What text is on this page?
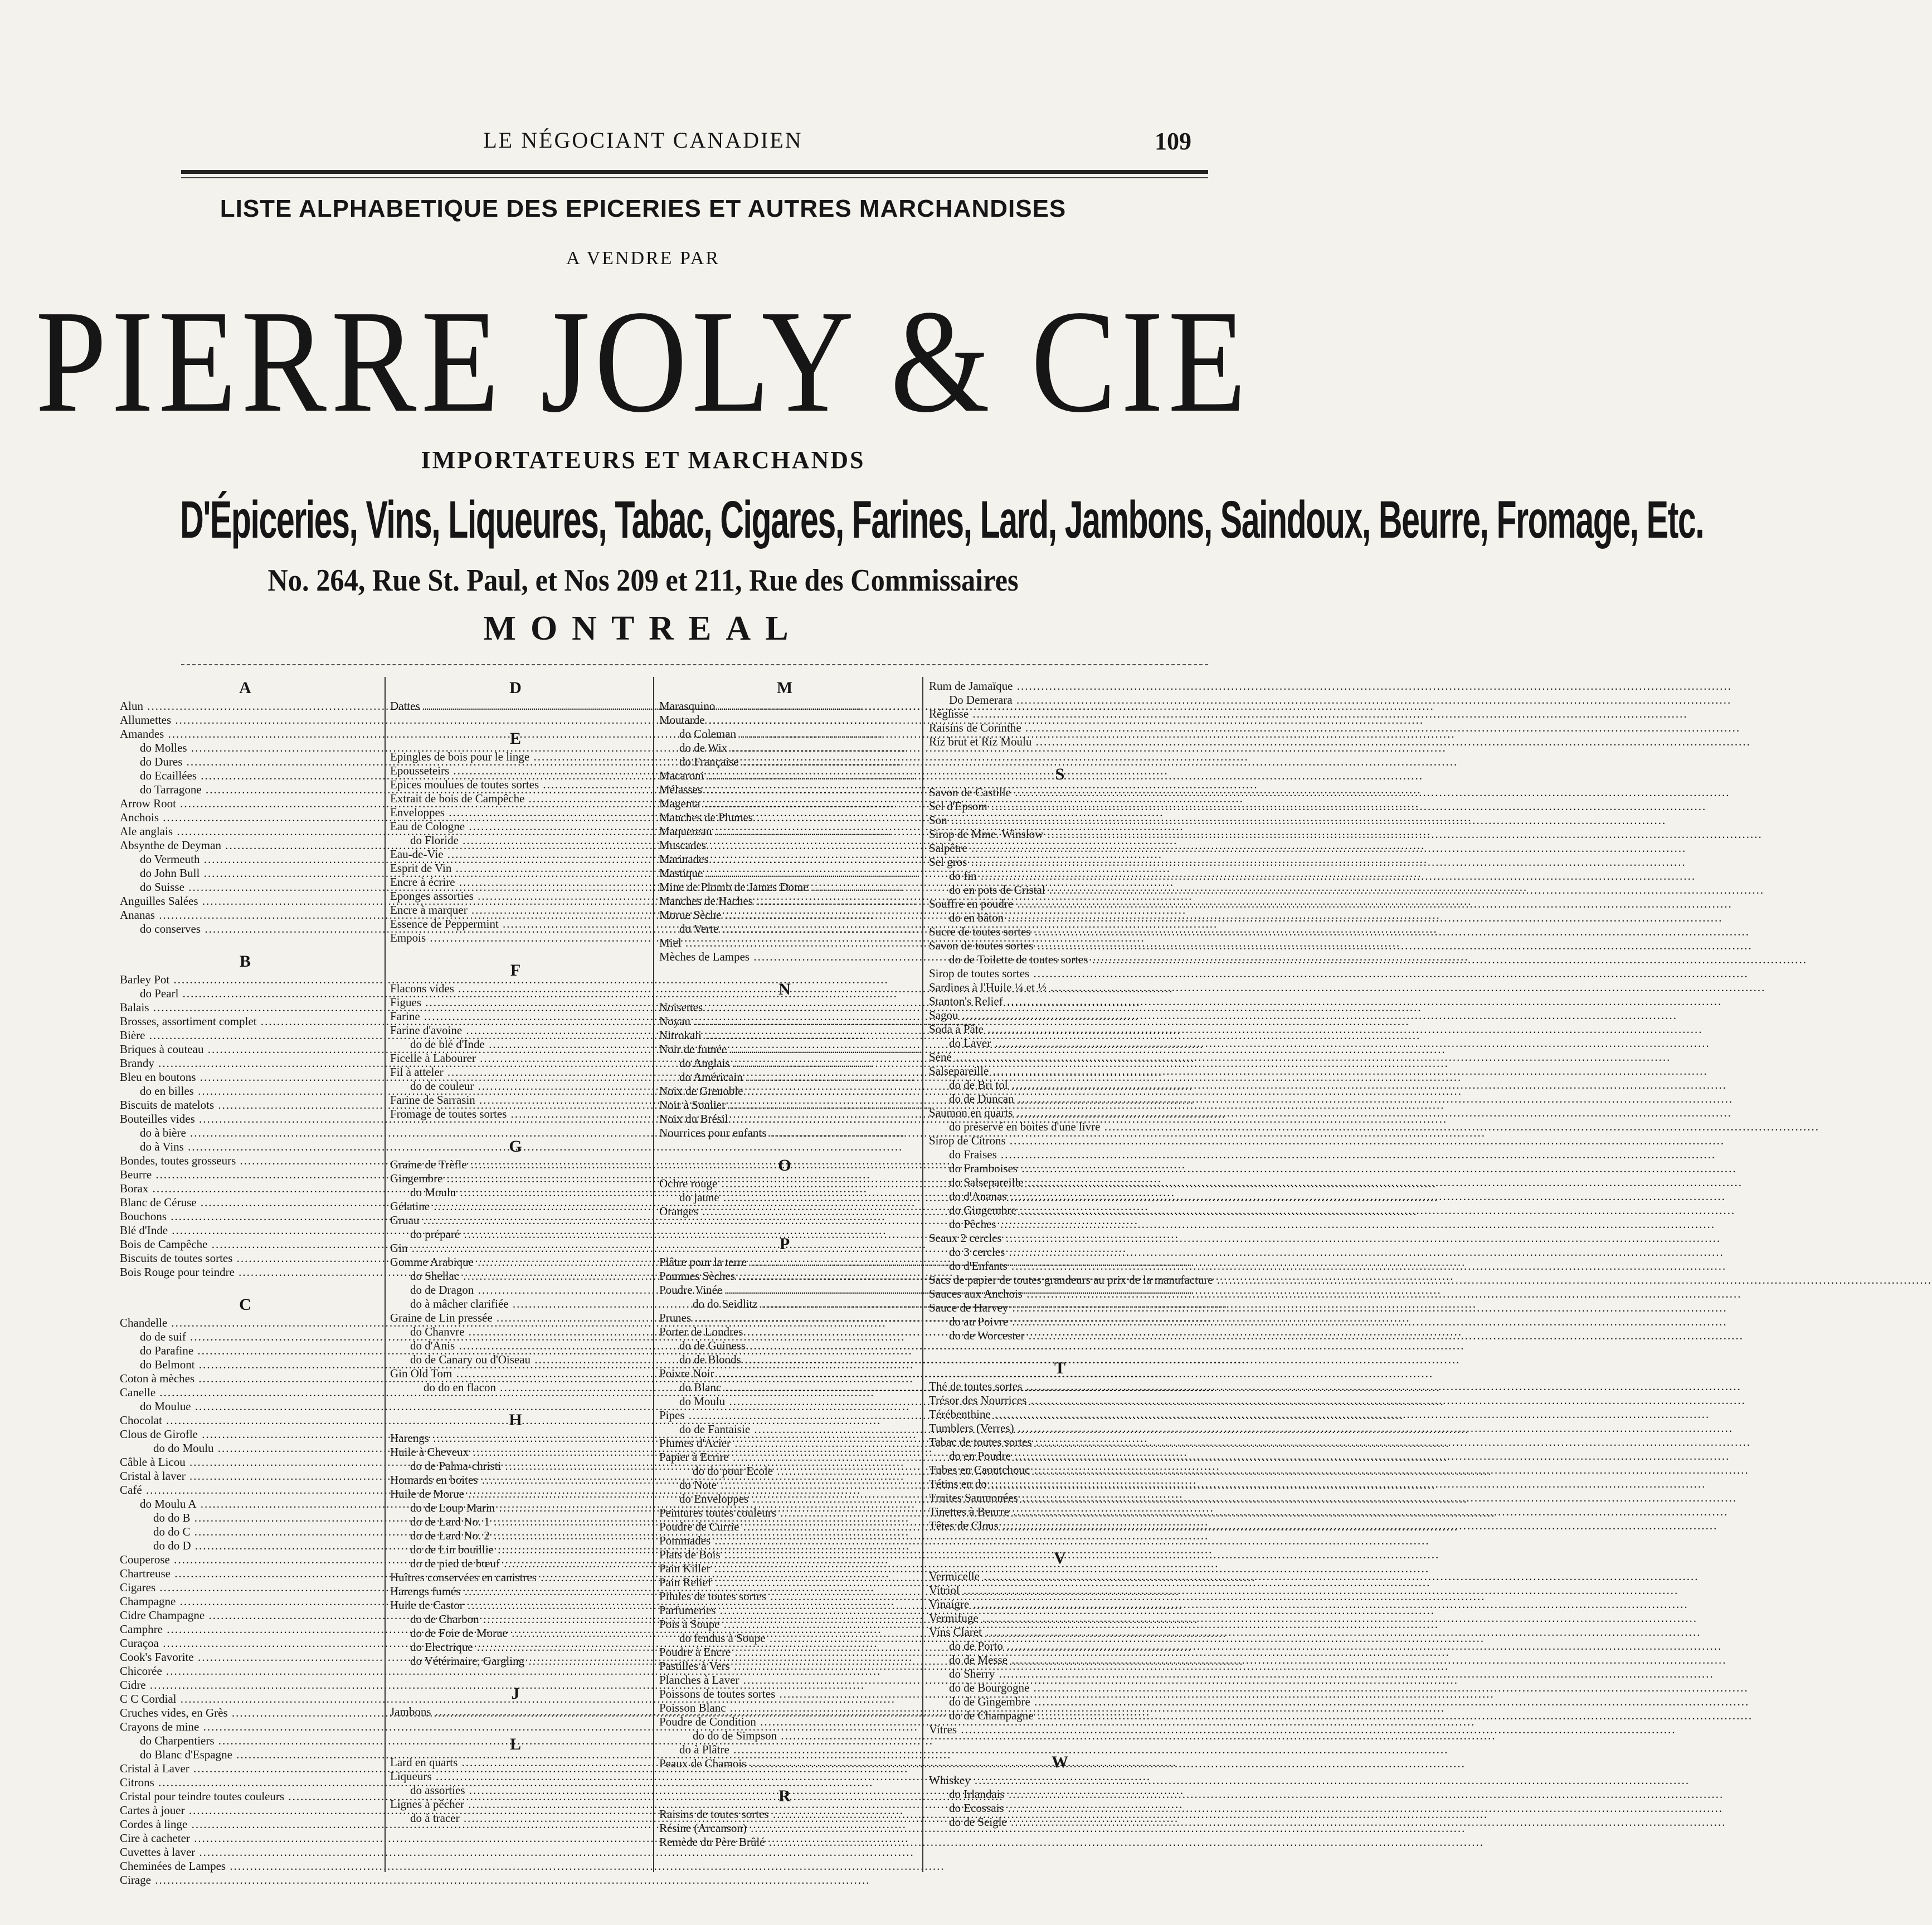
LE NÉGOCIANT CANADIEN	109
LISTE ALPHABETIQUE DES EPICERIES ET AUTRES MARCHANDISES
A VENDRE PAR
PIERRE JOLY & CIE
IMPORTATEURS ET MARCHANDS
D'Épiceries, Vins, Liqueures, Tabac, Cigares, Farines, Lard, Jambons, Saindoux, Beurre, Fromage, Etc.
No. 264, Rue St. Paul, et Nos 209 et 211, Rue des Commissaires
MONTREAL
A
Alun .....
Allumettes .....
Amandes .....
do Molles .....
do Dures .....
do Ecaillées .....
do Tarragone .....
Arrow Root .....
Anchois .....
Ale anglais .....
Absynthe de Deyman .....
do Vermeuth .....
do John Bull .....
do Suisse .....
Anguilles Salées .....
Ananas .....
do conserves .....
B
Barley Pot .....
do Pearl .....
Balais .....
Brosses, assortiment complet .....
Bière .....
Briques à couteau .....
Brandy .....
Bleu en boutons .....
do en billes .....
Biscuits de matelots .....
Bouteilles vides .....
do à bière .....
do à Vins .....
Bondes, toutes grosseurs .....
Beurre .....
Borax .....
Blanc de Céruse .....
Bouchons .....
Blé d'Inde .....
Bois de Campêche .....
Biscuits de toutes sortes .....
Bois Rouge pour teindre .....
C
Chandelle .....
do de suif .....
do Parafine .....
do Belmont .....
Coton à mèches .....
Canelle .....
do Moulue .....
Chocolat .....
Clous de Girofle .....
do do Moulu .....
Câble à Licou .....
Cristal à laver .....
Café .....
do Moulu A .....
do do B .....
do do C .....
do do D .....
Couperose .....
Chartreuse .....
Cigares .....
Champagne .....
Cidre Champagne .....
Camphre .....
Curaçoa .....
Cook's Favorite .....
Chicorée .....
Cidre .....
C C Cordial .....
Cruches vides, en Grès .....
Crayons de mine .....
do Charpentiers .....
do Blanc d'Espagne .....
Cristal à Laver .....
Citrons .....
Cristal pour teindre toutes couleurs .....
Cartes à jouer .....
Cordes à linge .....
Cire à cacheter .....
Cuvettes à laver .....
Cheminées de Lampes .....
Cirage .....
D
Dattes .....
E
Epingles de bois pour le linge .....
Epousseteirs .....
Epices moulues de toutes sortes .....
Extrait de bois de Campêche .....
Enveloppes .....
Eau de Cologne .....
do Floride .....
Eau-de-Vie .....
Esprit de Vin .....
Encre à écrire .....
Eponges assorties .....
Encre à marquer .....
Essence de Peppermint .....
Empois .....
F
Flacons vides .....
Figues .....
Farine .....
Farine d'avoine .....
do de blé d'Inde .....
Ficelle à Labourer .....
Fil à atteler .....
do de couleur .....
Farine de Sarrasin .....
Fromage de toutes sortes .....
G
Graine de Trèfle .....
Gingembre .....
do Moulu .....
Gélatine .....
Gruau .....
do préparé .....
Gin .....
Gomme Arabique .....
do Shellac .....
do de Dragon .....
do à mâcher clarifiée .....
Graine de Lin pressée .....
do Chanvre .....
do d'Anis .....
do de Canary ou d'Oiseau .....
Gin Old Tom .....
do do en flacon .....
H
Harengs .....
Huile à Cheveux .....
do de Palma-christi .....
Homards en boites .....
Huile de Morue .....
do de Loup Marin .....
do de Lard No. 1 .....
do de Lard No. 2 .....
do de Lin bouillie .....
do de pied de bœuf .....
Huîtres conservées en canistres .....
Harengs fumés .....
Huile de Castor .....
do de Charbon .....
do de Foie de Morue .....
do Electrique .....
do Vétérinaire, Gargling .....
J
Jambons .....
L
Lard en quarts .....
Liqueurs .....
do assorties .....
Lignes à pêcher .....
do à tracer .....
M
Marasquino .....
Moutarde .....
do Coleman .....
do de Wix .....
do Française .....
Macaroni .....
Mélasses .....
Magenta .....
Manches de Plumes .....
Maquereau .....
Muscades .....
Marinades .....
Mastique .....
Mine de Plomb de James Dome .....
Manches de Haches .....
Morue Sèche .....
do Verte .....
Miel .....
Mèches de Lampes .....
N
Noisettes .....
Noyau .....
Nitrokali .....
Noir de fumée .....
do Anglais .....
do Américain .....
Noix de Grenoble .....
Noir à Soulier .....
Noix du Brésil .....
Nourrices pour enfants .....
O
Ochre rouge .....
do jaune .....
Oranges .....
P
Plâtre pour la terre .....
Pommes Sèches .....
Poudre Vinée .....
do do Seidlitz .....
Prunes .....
Porter de Londres .....
do de Guiness .....
do de Bloods .....
Poivre Noir .....
do Blanc .....
do Moulu .....
Pipes .....
do de Fantaisie .....
Plumes d'Acier .....
Papier à Ecrire .....
do do pour Ecole .....
do Note .....
do Enveloppes .....
Peintures toutes couleurs .....
Poudre de Currie .....
Pommades .....
Plats de Bois .....
Pain Killer .....
Pain Relief .....
Pilules de toutes sortes .....
Parfumeries .....
Pois à Soupe .....
do fendus à Soupe .....
Poudre à Encre .....
Pastilles à Vers .....
Planches à Laver .....
Poissons de toutes sortes .....
Poisson Blanc .....
Poudre de Condition .....
do do de Simpson .....
do à Plâtre .....
Peaux de Chamois .....
R
Raisins de toutes sortes .....
Résine (Arcanson) .....
Remède du Père Brûlé .....
Rum de Jamaïque .....
Do Demerara .....
Réglisse .....
Raisins de Corinthe .....
Riz brut et Riz Moulu .....
S
Savon de Castille .....
Sel d'Epsom .....
Son .....
Sirop de Mme. Winslow .....
Salpêtre .....
Sel gros .....
do fin .....
do en pots de Cristal .....
Souffre en poudre .....
do en bâton .....
Sucre de toutes sortes .....
Savon de toutes sortes .....
do de Toilette de toutes sortes .....
Sirop de toutes sortes .....
Sardines à l'Huile ¼ et ½ .....
Stanton's Relief .....
Sagou .....
Soda à Pâte .....
do Laver .....
Séné .....
Salsepareille .....
do de Bri tol .....
do de Duncan .....
Saumon en quarts .....
do préservé en boites d'une livre .....
Sirop de Citrons .....
do Fraises .....
do Framboises .....
do Salsepareille .....
do d'Ananas .....
do Gingembre .....
do Pêches .....
Seaux 2 cercles .....
do 3 cercles .....
do d'Enfants .....
Sacs de papier de toutes grandeurs au prix de la manufacture .....
Sauces aux Anchois .....
Sauce de Harvey .....
do au Poivre .....
do de Worcester .....
T
Thé de toutes sortes .....
Trésor des Nourrices .....
Térébenthine .....
Tumblers (Verres) .....
Tabac de toutes sortes .....
do en Poudre .....
Tubes en Caoutchouc .....
Tétins en do .....
Truites Saumonées .....
Tinettes à Beurre .....
Têtes de Clous .....
V
Vermicelle .....
Vitriol .....
Vinaigre .....
Vermifuge .....
Vins Claret .....
do de Porto .....
do de Messe .....
do Sherry .....
do de Bourgogne .....
do de Gingembre .....
do de Champagne .....
Vitres .....
W
Whiskey .....
do Irlandais .....
do Ecossais .....
do de Seigle .....
